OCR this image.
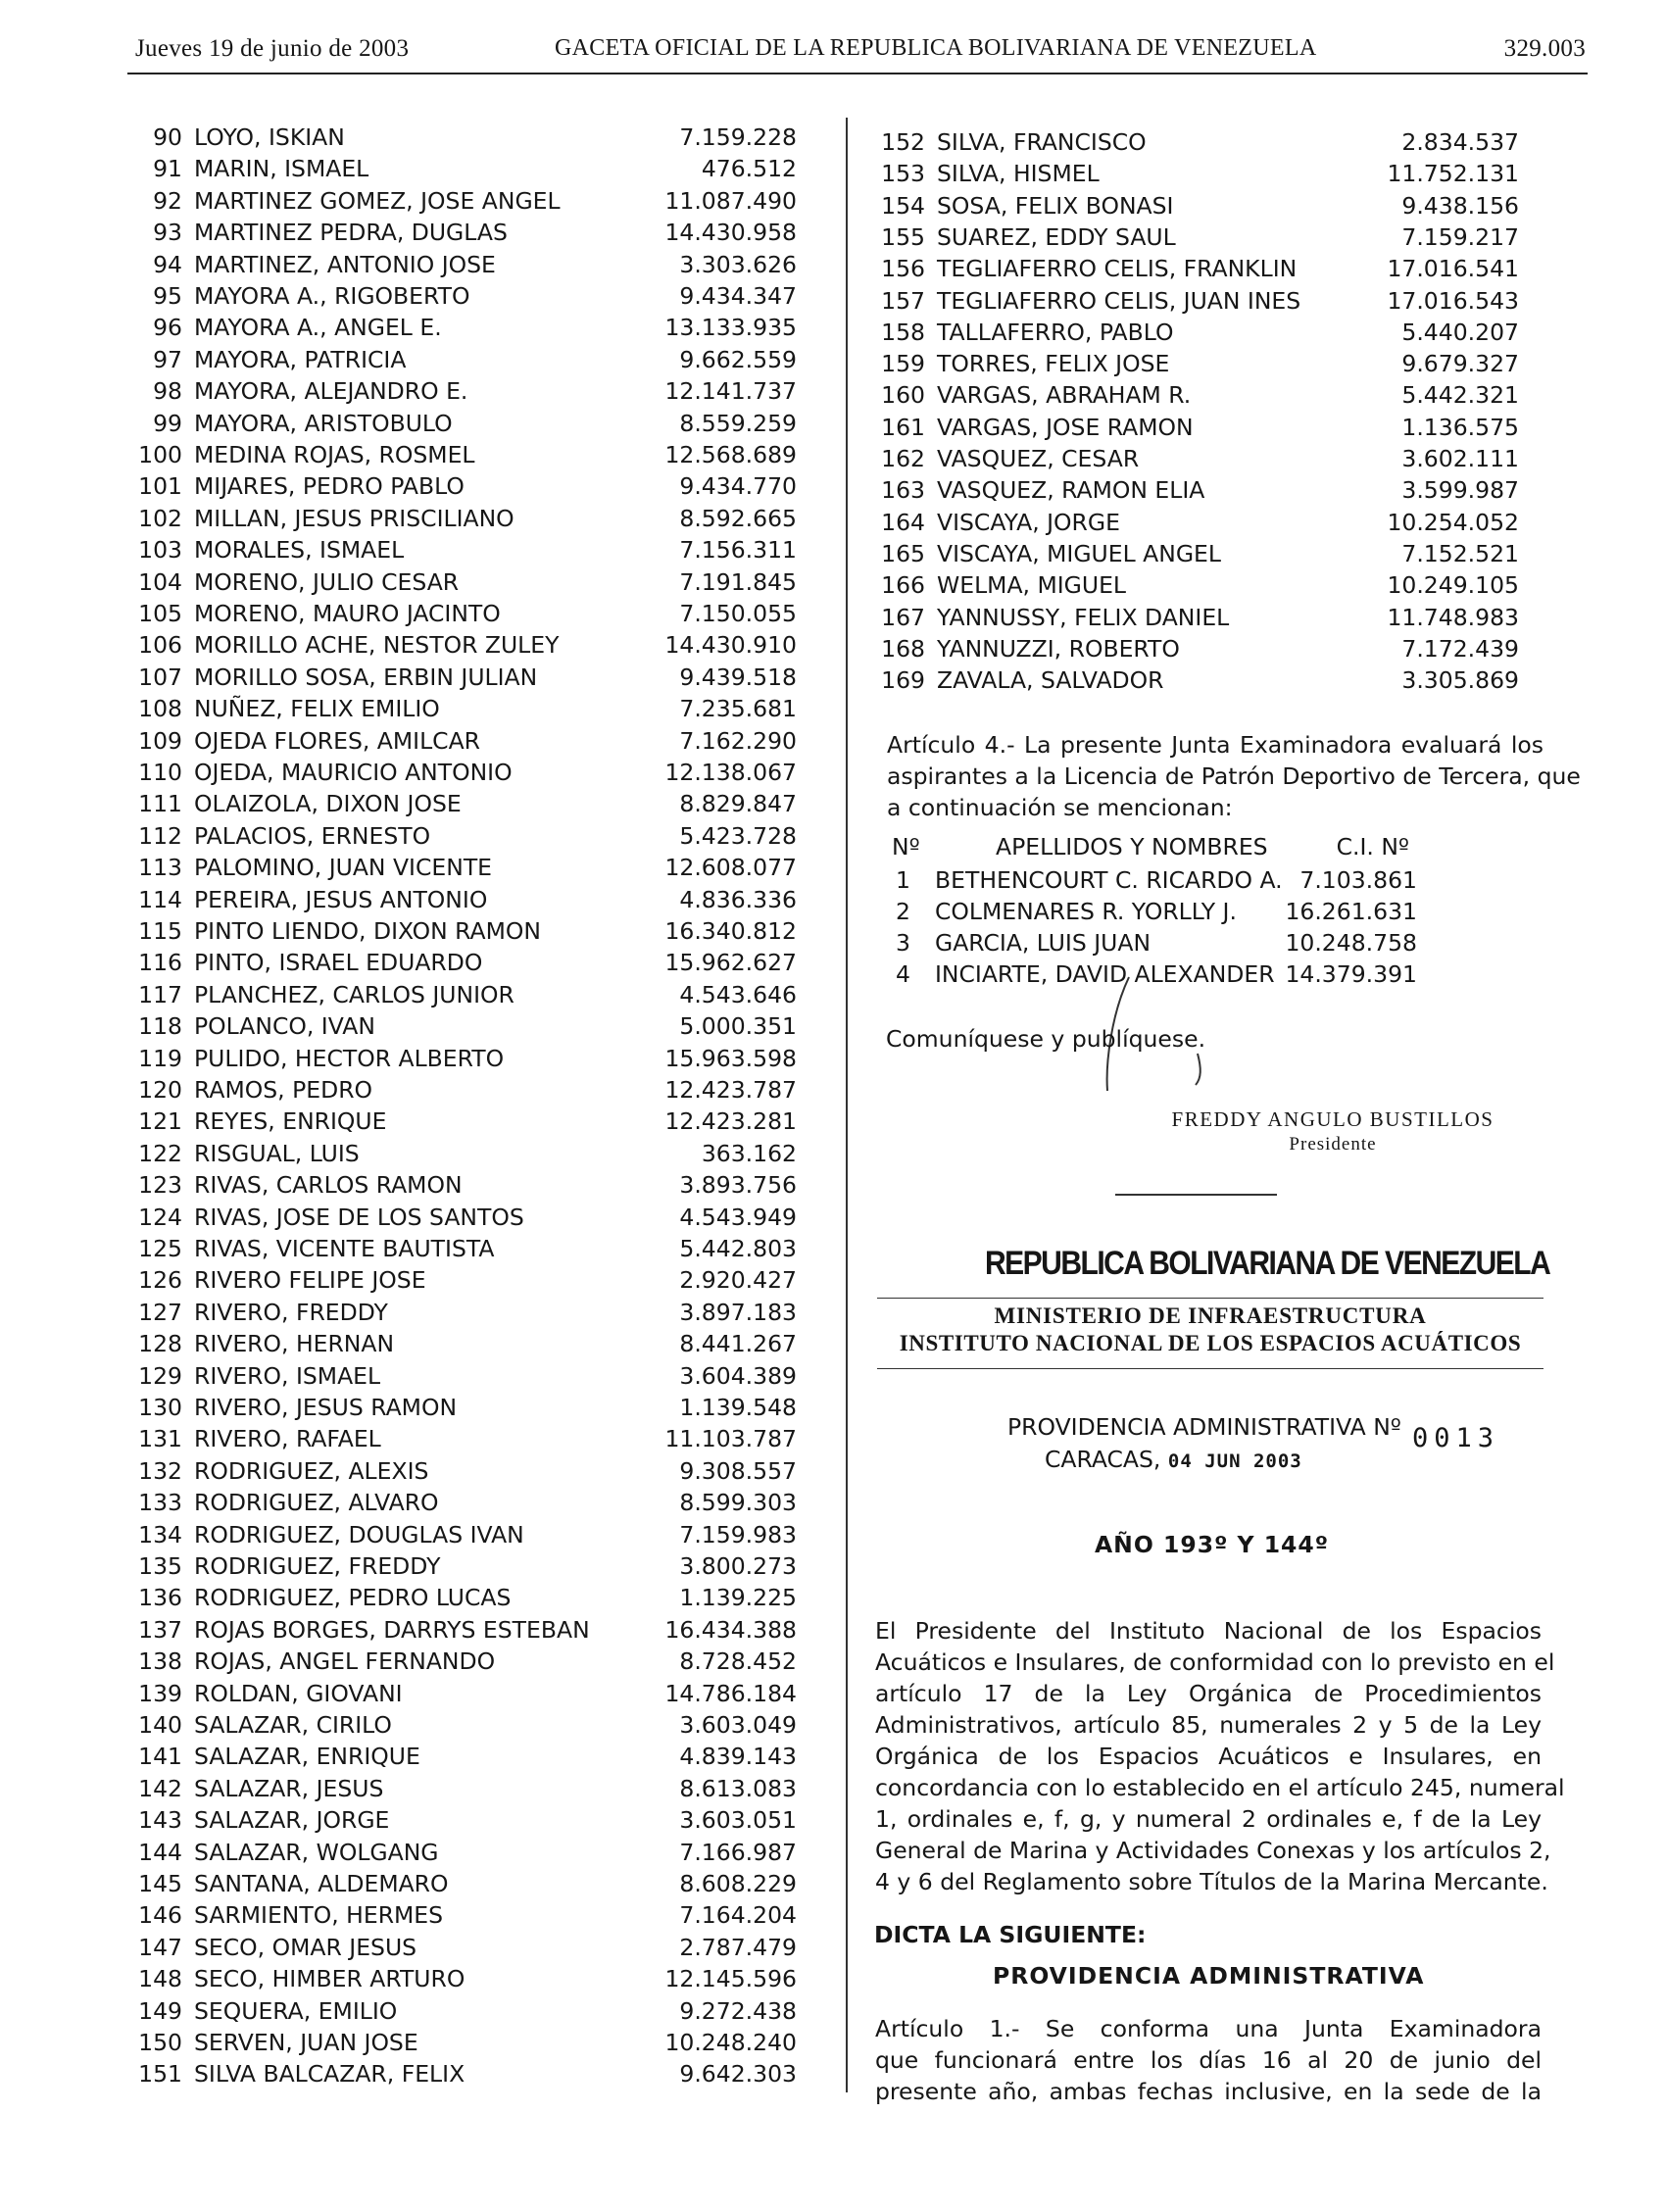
Jueves 19 de junio de 2003	GACETA OFICIAL DE LA REPUBLICA BOLIVARIANA DE VENEZUELA	329.003
90 LOYO, ISKIAN	7.159.228
91 MARIN, ISMAEL	476.512
92 MARTINEZ GOMEZ, JOSE ANGEL	11.087.490
93 MARTINEZ PEDRA, DUGLAS	14.430.958
94 MARTINEZ, ANTONIO JOSE	3.303.626
95 MAYORA A., RIGOBERTO	9.434.347
96 MAYORA A., ANGEL E.	13.133.935
97 MAYORA, PATRICIA	9.662.559
98 MAYORA, ALEJANDRO E.	12.141.737
99 MAYORA, ARISTOBULO	8.559.259
100 MEDINA ROJAS, ROSMEL	12.568.689
101 MIJARES, PEDRO PABLO	9.434.770
102 MILLAN, JESUS PRISCILIANO	8.592.665
103 MORALES, ISMAEL	7.156.311
104 MORENO, JULIO CESAR	7.191.845
105 MORENO, MAURO JACINTO	7.150.055
106 MORILLO ACHE, NESTOR ZULEY	14.430.910
107 MORILLO SOSA, ERBIN JULIAN	9.439.518
108 NUÑEZ, FELIX EMILIO	7.235.681
109 OJEDA FLORES, AMILCAR	7.162.290
110 OJEDA, MAURICIO ANTONIO	12.138.067
111 OLAIZOLA, DIXON JOSE	8.829.847
112 PALACIOS, ERNESTO	5.423.728
113 PALOMINO, JUAN VICENTE	12.608.077
114 PEREIRA, JESUS ANTONIO	4.836.336
115 PINTO LIENDO, DIXON RAMON	16.340.812
116 PINTO, ISRAEL EDUARDO	15.962.627
117 PLANCHEZ, CARLOS JUNIOR	4.543.646
118 POLANCO, IVAN	5.000.351
119 PULIDO, HECTOR ALBERTO	15.963.598
120 RAMOS, PEDRO	12.423.787
121 REYES, ENRIQUE	12.423.281
122 RISGUAL, LUIS	363.162
123 RIVAS, CARLOS RAMON	3.893.756
124 RIVAS, JOSE DE LOS SANTOS	4.543.949
125 RIVAS, VICENTE BAUTISTA	5.442.803
126 RIVERO FELIPE JOSE	2.920.427
127 RIVERO, FREDDY	3.897.183
128 RIVERO, HERNAN	8.441.267
129 RIVERO, ISMAEL	3.604.389
130 RIVERO, JESUS RAMON	1.139.548
131 RIVERO, RAFAEL	11.103.787
132 RODRIGUEZ, ALEXIS	9.308.557
133 RODRIGUEZ, ALVARO	8.599.303
134 RODRIGUEZ, DOUGLAS IVAN	7.159.983
135 RODRIGUEZ, FREDDY	3.800.273
136 RODRIGUEZ, PEDRO LUCAS	1.139.225
137 ROJAS BORGES, DARRYS ESTEBAN	16.434.388
138 ROJAS, ANGEL FERNANDO	8.728.452
139 ROLDAN, GIOVANI	14.786.184
140 SALAZAR, CIRILO	3.603.049
141 SALAZAR, ENRIQUE	4.839.143
142 SALAZAR, JESUS	8.613.083
143 SALAZAR, JORGE	3.603.051
144 SALAZAR, WOLGANG	7.166.987
145 SANTANA, ALDEMARO	8.608.229
146 SARMIENTO, HERMES	7.164.204
147 SECO, OMAR JESUS	2.787.479
148 SECO, HIMBER ARTURO	12.145.596
149 SEQUERA, EMILIO	9.272.438
150 SERVEN, JUAN JOSE	10.248.240
151 SILVA BALCAZAR, FELIX	9.642.303
152 SILVA, FRANCISCO	2.834.537
153 SILVA, HISMEL	11.752.131
154 SOSA, FELIX BONASI	9.438.156
155 SUAREZ, EDDY SAUL	7.159.217
156 TEGLIAFERRO CELIS, FRANKLIN	17.016.541
157 TEGLIAFERRO CELIS, JUAN INES	17.016.543
158 TALLAFERRO, PABLO	5.440.207
159 TORRES, FELIX JOSE	9.679.327
160 VARGAS, ABRAHAM R.	5.442.321
161 VARGAS, JOSE RAMON	1.136.575
162 VASQUEZ, CESAR	3.602.111
163 VASQUEZ, RAMON ELIA	3.599.987
164 VISCAYA, JORGE	10.254.052
165 VISCAYA, MIGUEL ANGEL	7.152.521
166 WELMA, MIGUEL	10.249.105
167 YANNUSSY, FELIX DANIEL	11.748.983
168 YANNUZZI, ROBERTO	7.172.439
169 ZAVALA, SALVADOR	3.305.869
Artículo 4.- La presente Junta Examinadora evaluará los
aspirantes a la Licencia de Patrón Deportivo de Tercera, que
a continuación se mencionan:
Nº	APELLIDOS Y NOMBRES	C.I. Nº
1 BETHENCOURT C. RICARDO A. 7.103.861
2 COLMENARES R. YORLLY J. 16.261.631
3 GARCIA, LUIS JUAN	10.248.758
4 INCIARTE, DAVID ALEXANDER 14.379.391
Comuníquese y publíquese.
FREDDY ANGULO BUSTILLOS
Presidente
REPUBLICA BOLIVARIANA DE VENEZUELA
MINISTERIO DE INFRAESTRUCTURA
INSTITUTO NACIONAL DE LOS ESPACIOS ACUÁTICOS
PROVIDENCIA ADMINISTRATIVA Nº 0013
CARACAS, 04 JUN 2003
AÑO 193º Y 144º
El Presidente del Instituto Nacional de los Espacios
Acuáticos e Insulares, de conformidad con lo previsto en el
artículo 17 de la Ley Orgánica de Procedimientos
Administrativos, artículo 85, numerales 2 y 5 de la Ley
Orgánica de los Espacios Acuáticos e Insulares, en
concordancia con lo establecido en el artículo 245, numeral
1, ordinales e, f, g, y numeral 2 ordinales e, f de la Ley
General de Marina y Actividades Conexas y los artículos 2,
4 y 6 del Reglamento sobre Títulos de la Marina Mercante.
DICTA LA SIGUIENTE:
PROVIDENCIA ADMINISTRATIVA
Artículo 1.- Se conforma una Junta Examinadora
que funcionará entre los días 16 al 20 de junio del
presente año, ambas fechas inclusive, en la sede de la
